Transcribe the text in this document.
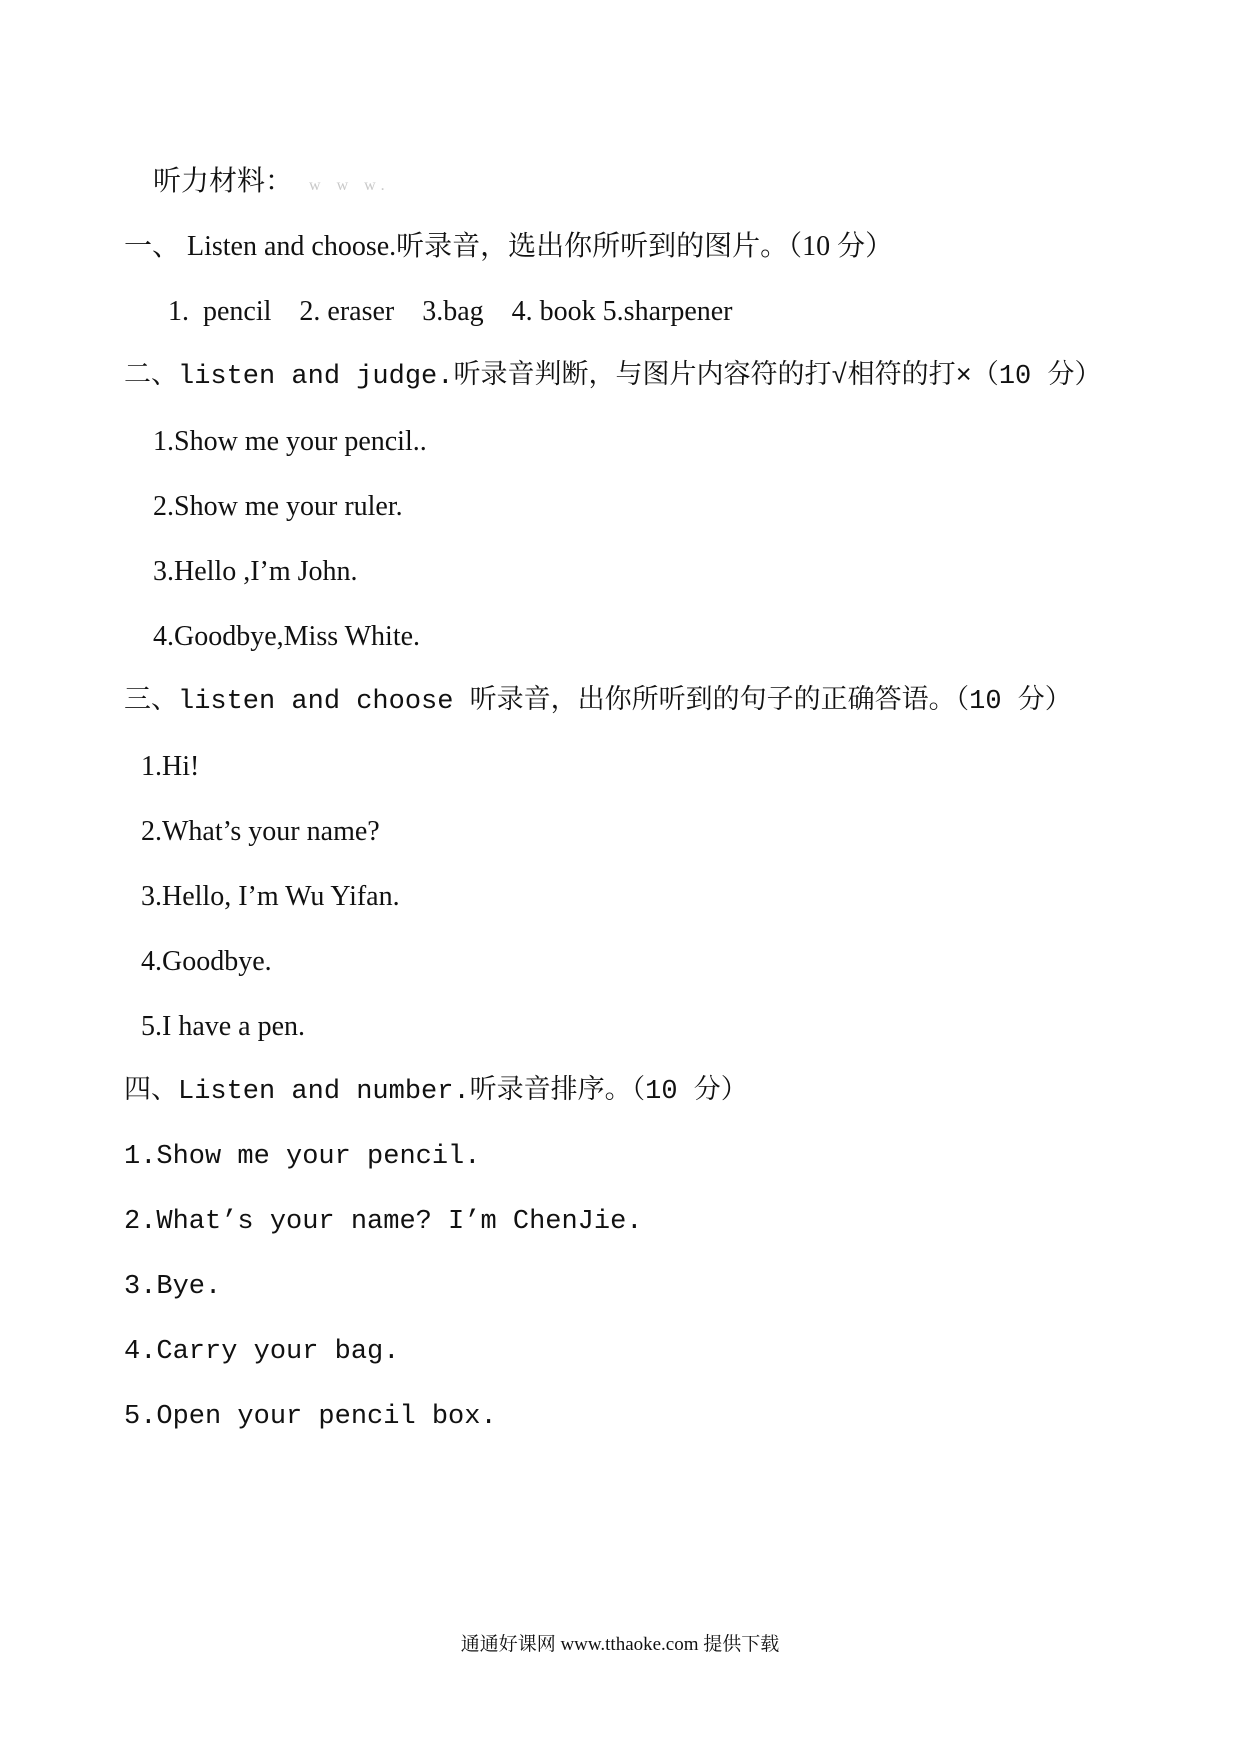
听力材料： w w w.
一、 Listen and choose.听录音，选出你所听到的图片。（10 分）
1.  pencil    2. eraser    3.bag    4. book 5.sharpener
二、listen and judge.听录音判断，与图片内容符的打√相符的打×（10 分）
1.Show me your pencil..
2.Show me your ruler.
3.Hello ,I’m John.
4.Goodbye,Miss White.
三、listen and choose 听录音，出你所听到的句子的正确答语。（10 分）
1.Hi!
2.What’s your name?
3.Hello, I’m Wu Yifan.
4.Goodbye.
5.I have a pen.
四、Listen and number.听录音排序。（10 分）
1.Show me your pencil.
2.What’s your name? I’m ChenJie.
3.Bye.
4.Carry your bag.
5.Open your pencil box.
通通好课网 www.tthaoke.com 提供下载
